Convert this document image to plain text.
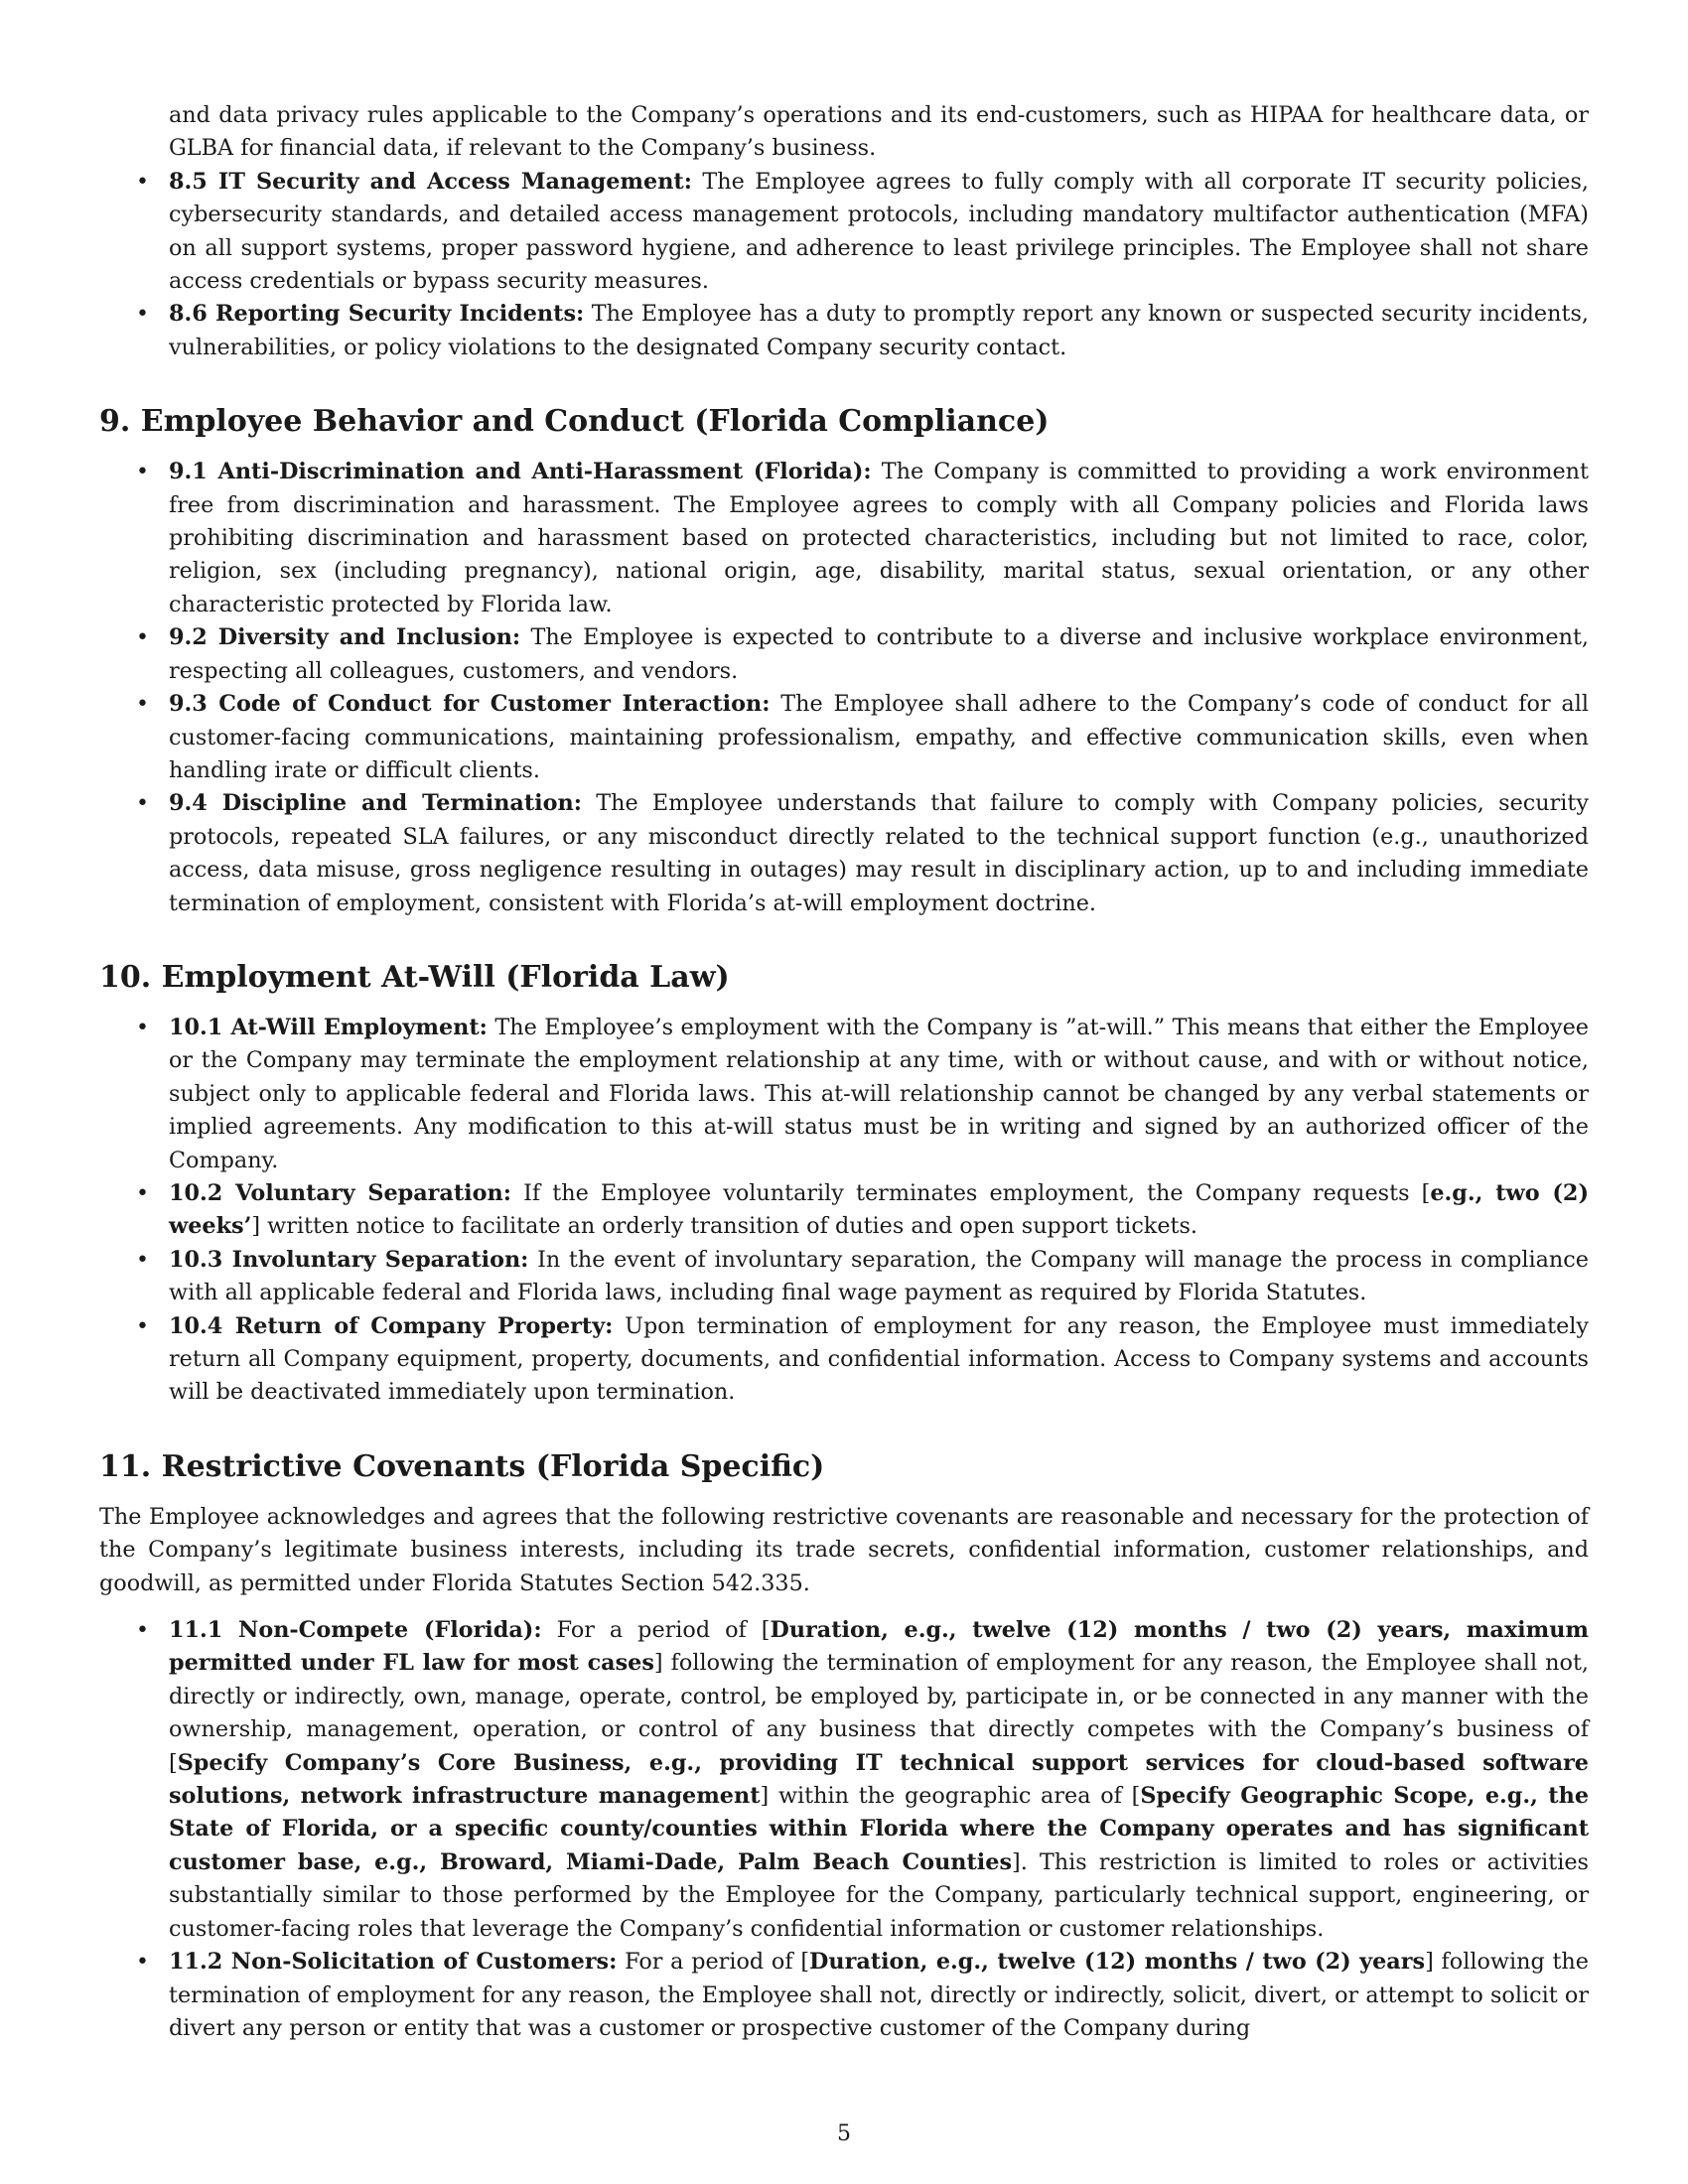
and data privacy rules applicable to the Company’s operations and its end-customers, such as HIPAA for healthcare data, or GLBA for financial data, if relevant to the Company’s business.
• 8.5 IT Security and Access Management: The Employee agrees to fully comply with all corporate IT security policies, cybersecurity standards, and detailed access management protocols, including mandatory multifactor authentication (MFA) on all support systems, proper password hygiene, and adherence to least privilege principles. The Employee shall not share access credentials or bypass security measures.
• 8.6 Reporting Security Incidents: The Employee has a duty to promptly report any known or suspected security incidents, vulnerabilities, or policy violations to the designated Company security contact.
9. Employee Behavior and Conduct (Florida Compliance)
• 9.1 Anti-Discrimination and Anti-Harassment (Florida): The Company is committed to providing a work environment free from discrimination and harassment. The Employee agrees to comply with all Company policies and Florida laws prohibiting discrimination and harassment based on protected characteristics, including but not limited to race, color, religion, sex (including pregnancy), national origin, age, disability, marital status, sexual orientation, or any other characteristic protected by Florida law.
• 9.2 Diversity and Inclusion: The Employee is expected to contribute to a diverse and inclusive workplace environment, respecting all colleagues, customers, and vendors.
• 9.3 Code of Conduct for Customer Interaction: The Employee shall adhere to the Company’s code of conduct for all customer-facing communications, maintaining professionalism, empathy, and effective communication skills, even when handling irate or difficult clients.
• 9.4 Discipline and Termination: The Employee understands that failure to comply with Company policies, security protocols, repeated SLA failures, or any misconduct directly related to the technical support function (e.g., unauthorized access, data misuse, gross negligence resulting in outages) may result in disciplinary action, up to and including immediate termination of employment, consistent with Florida’s at-will employment doctrine.
10. Employment At-Will (Florida Law)
• 10.1 At-Will Employment: The Employee’s employment with the Company is ”at-will.” This means that either the Employee or the Company may terminate the employment relationship at any time, with or without cause, and with or without notice, subject only to applicable federal and Florida laws. This at-will relationship cannot be changed by any verbal statements or implied agreements. Any modification to this at-will status must be in writing and signed by an authorized officer of the Company.
• 10.2 Voluntary Separation: If the Employee voluntarily terminates employment, the Company requests [e.g., two (2) weeks’] written notice to facilitate an orderly transition of duties and open support tickets.
• 10.3 Involuntary Separation: In the event of involuntary separation, the Company will manage the process in compliance with all applicable federal and Florida laws, including final wage payment as required by Florida Statutes.
• 10.4 Return of Company Property: Upon termination of employment for any reason, the Employee must immediately return all Company equipment, property, documents, and confidential information. Access to Company systems and accounts will be deactivated immediately upon termination.
11. Restrictive Covenants (Florida Specific)

The Employee acknowledges and agrees that the following restrictive covenants are reasonable and necessary for the protection of the Company’s legitimate business interests, including its trade secrets, confidential information, customer relationships, and goodwill, as permitted under Florida Statutes Section 542.335.

• 11.1 Non-Compete (Florida): For a period of [Duration, e.g., twelve (12) months / two (2) years, maximum permitted under FL law for most cases] following the termination of employment for any reason, the Employee shall not, directly or indirectly, own, manage, operate, control, be employed by, participate in, or be connected in any manner with the ownership, management, operation, or control of any business that directly competes with the Company’s business of [Specify Company’s Core Business, e.g., providing IT technical support services for cloud-based software solutions, network infrastructure management] within the geographic area of [Specify Geographic Scope, e.g., the State of Florida, or a specific county/counties within Florida where the Company operates and has significant customer base, e.g., Broward, Miami-Dade, Palm Beach Counties]. This restriction is limited to roles or activities substantially similar to those performed by the Employee for the Company, particularly technical support, engineering, or customer-facing roles that leverage the Company’s confidential information or customer relationships.
• 11.2 Non-Solicitation of Customers: For a period of [Duration, e.g., twelve (12) months / two (2) years] following the termination of employment for any reason, the Employee shall not, directly or indirectly, solicit, divert, or attempt to solicit or divert any person or entity that was a customer or prospective customer of the Company during
5
